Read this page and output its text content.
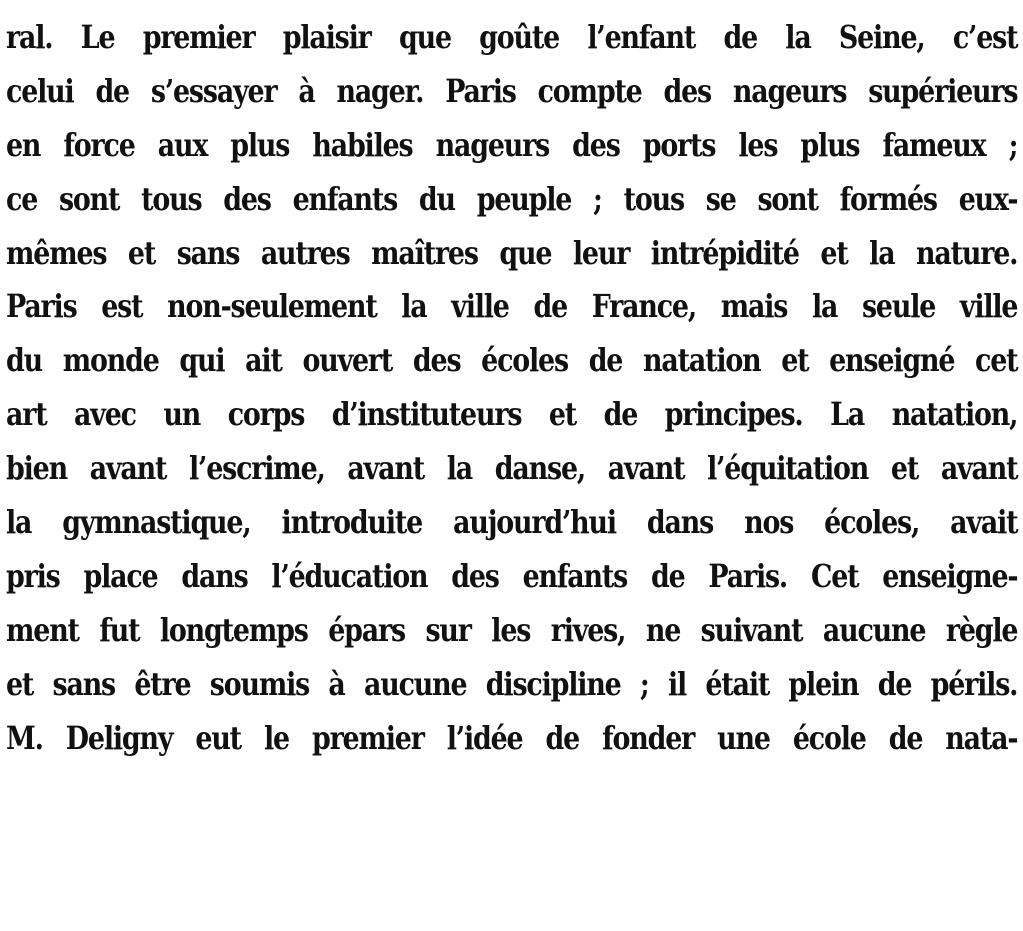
ral. Le premier plaisir que goûte l’enfant de la Seine, c’est
celui de s’essayer à nager. Paris compte des nageurs supérieurs
en force aux plus habiles nageurs des ports les plus fameux ;
ce sont tous des enfants du peuple ; tous se sont formés eux-
mêmes et sans autres maîtres que leur intrépidité et la nature.
Paris est non-seulement la ville de France, mais la seule ville
du monde qui ait ouvert des écoles de natation et enseigné cet
art avec un corps d’instituteurs et de principes. La natation,
bien avant l’escrime, avant la danse, avant l’équitation et avant
la gymnastique, introduite aujourd’hui dans nos écoles, avait
pris place dans l’éducation des enfants de Paris. Cet enseigne-
ment fut longtemps épars sur les rives, ne suivant aucune règle
et sans être soumis à aucune discipline ; il était plein de périls.
M. Deligny eut le premier l’idée de fonder une école de nata-
